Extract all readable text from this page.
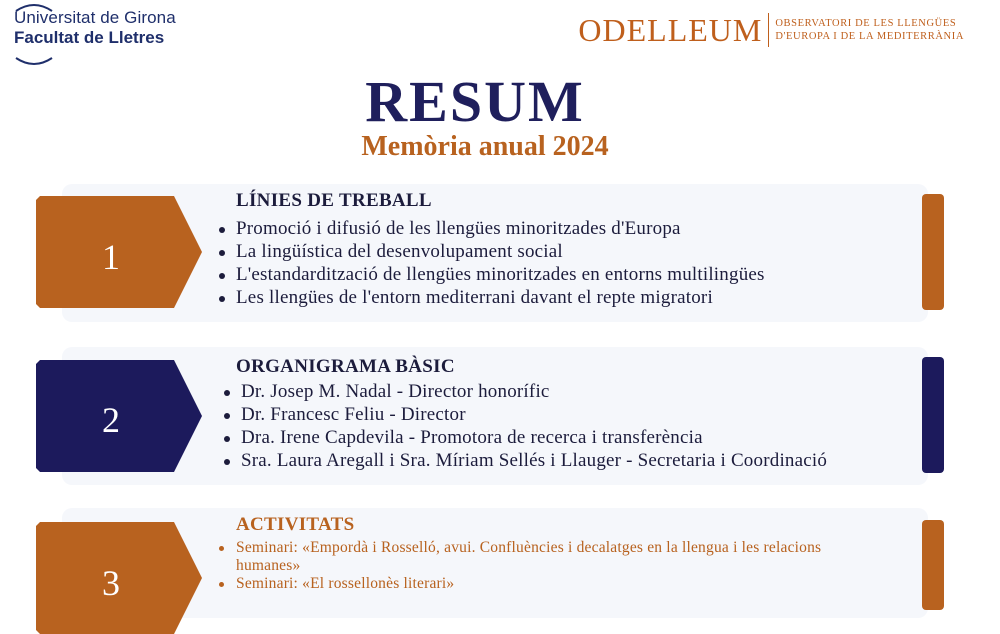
Universitat de Girona
Facultat de Lletres	ODELLEUM OBSERVATORI DE LES LLENGÜES
D'EUROPA I DE LA MEDITERRÀNIA
RESUM
Memòria anual 2024
1
LÍNIES DE TREBALL
Promoció i difusió de les llengües minoritzades d'Europa
La lingüística del desenvolupament social
L'estandardització de llengües minoritzades en entorns multilingües
Les llengües de l'entorn mediterrani davant el repte migratori
2
ORGANIGRAMA BÀSIC
Dr. Josep M. Nadal - Director honorífic
Dr. Francesc Feliu - Director
Dra. Irene Capdevila - Promotora de recerca i transferència
Sra. Laura Aregall i Sra. Míriam Sellés i Llauger - Secretaria i Coordinació
3
ACTIVITATS
Seminari: «Empordà i Rosselló, avui. Confluències i decalatges en la llengua i les relacions humanes»
Seminari: «El rossellonès literari»
